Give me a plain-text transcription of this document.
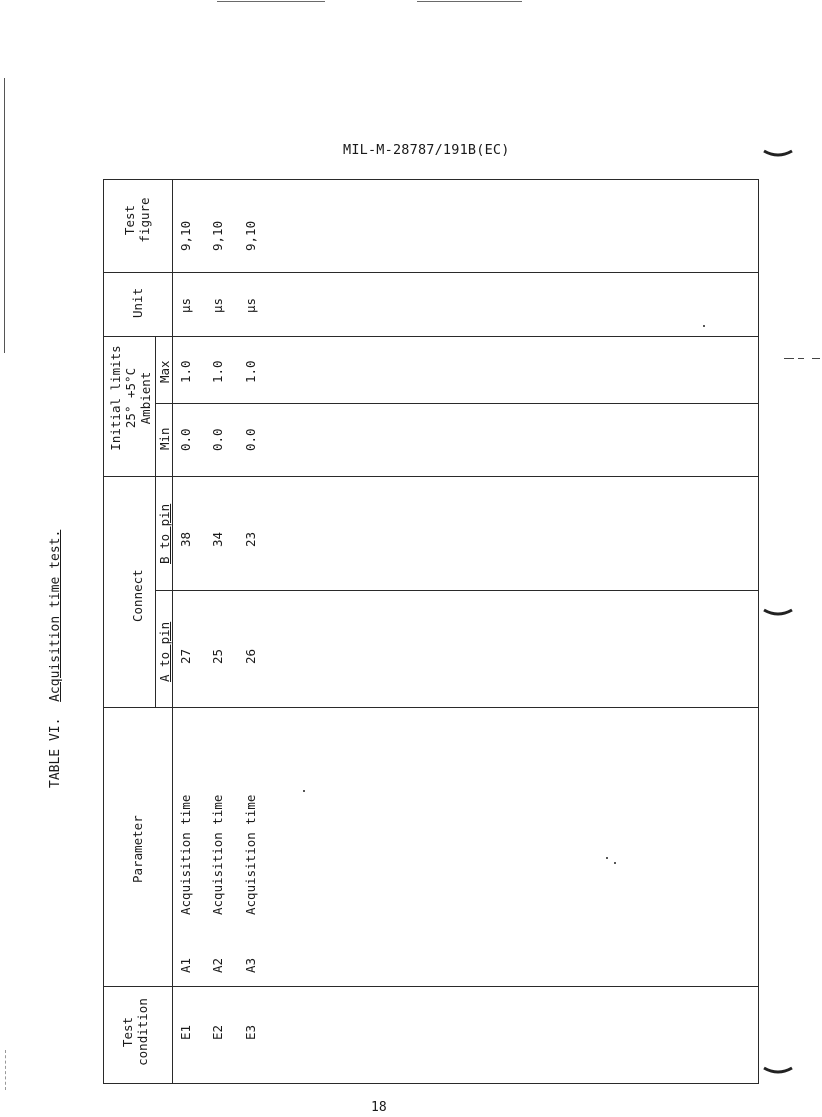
MIL-M-28787/191B(EC)
TABLE VI.  Acquisition time test.
Test figure
Unit
Initial limits 25° +5°C Ambient Max
Min
Connect
B to pin
A to pin
Parameter
Test condition
9,10
µs
1.0
0.0
38
27
Acquisition time
A1
E1
9,10
µs
1.0
0.0
34
25
Acquisition time
A2
E2
9,10
µs
1.0
0.0
23
26
Acquisition time
A3
E3
18
